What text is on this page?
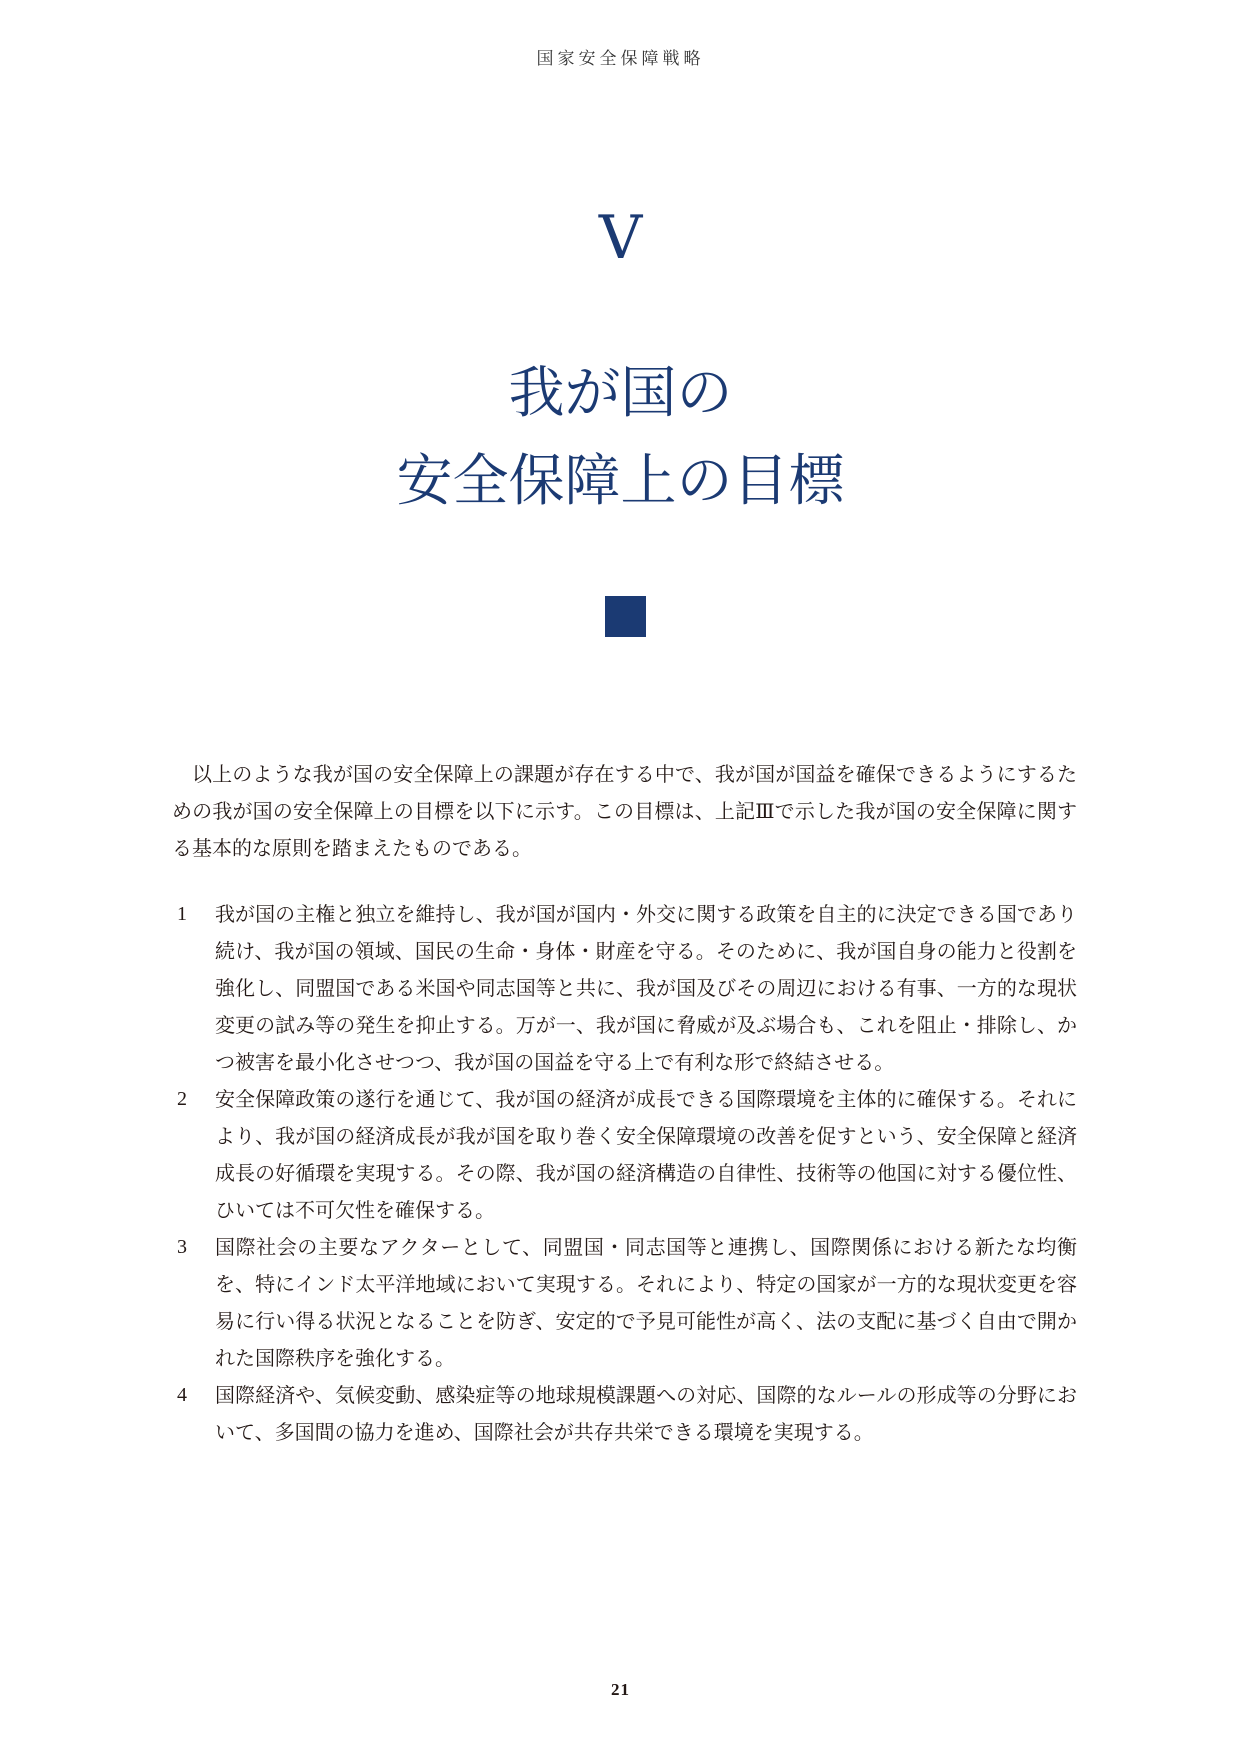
国家安全保障戦略
Ⅴ
我が国の
安全保障上の目標

以上のような我が国の安全保障上の課題が存在する中で、我が国が国益を確保できるようにするための我が国の安全保障上の目標を以下に示す。この目標は、上記Ⅲで示した我が国の安全保障に関する基本的な原則を踏まえたものである。

1 我が国の主権と独立を維持し、我が国が国内・外交に関する政策を自主的に決定できる国であり続け、我が国の領域、国民の生命・身体・財産を守る。そのために、我が国自身の能力と役割を強化し、同盟国である米国や同志国等と共に、我が国及びその周辺における有事、一方的な現状変更の試み等の発生を抑止する。万が一、我が国に脅威が及ぶ場合も、これを阻止・排除し、かつ被害を最小化させつつ、我が国の国益を守る上で有利な形で終結させる。
2 安全保障政策の遂行を通じて、我が国の経済が成長できる国際環境を主体的に確保する。それにより、我が国の経済成長が我が国を取り巻く安全保障環境の改善を促すという、安全保障と経済成長の好循環を実現する。その際、我が国の経済構造の自律性、技術等の他国に対する優位性、ひいては不可欠性を確保する。
3 国際社会の主要なアクターとして、同盟国・同志国等と連携し、国際関係における新たな均衡を、特にインド太平洋地域において実現する。それにより、特定の国家が一方的な現状変更を容易に行い得る状況となることを防ぎ、安定的で予見可能性が高く、法の支配に基づく自由で開かれた国際秩序を強化する。
4 国際経済や、気候変動、感染症等の地球規模課題への対応、国際的なルールの形成等の分野において、多国間の協力を進め、国際社会が共存共栄できる環境を実現する。
21
